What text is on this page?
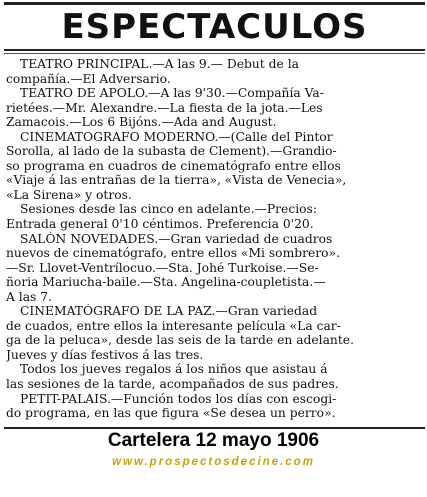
ESPECTACULOS
TEATRO PRINCIPAL.—A las 9.— Debut de la
compañía.—El Adversario.
TEATRO DE APOLO.—A las 9'30.—Compañía Va-
rietées.—Mr. Alexandre.—La fiesta de la jota.—Les
Zamacois.—Los 6 Bijóns.—Ada and August.
CINEMATOGRAFO MODERNO.—(Calle del Pintor
Sorolla, al lado de la subasta de Clement).—Grandio-
so programa en cuadros de cinematógrafo entre ellos
«Viaje á las entrañas de la tierra», «Vista de Venecia»,
«La Sirena» y otros.
Sesiones desde las cinco en adelante.—Precios:
Entrada general 0'10 céntimos. Preferencia 0'20.
SALÓN NOVEDADES.—Gran variedad de cuadros
nuevos de cinematógrafo, entre ellos «Mi sombrero».
—Sr. Llovet-Ventrílocuo.—Sta. Johé Turkoise.—Se-
ñoria Mariucha-baile.—Sta. Angelina-coupletista.—
A las 7.
CINEMATÓGRAFO DE LA PAZ.—Gran variedad
de cuados, entre ellos la interesante película «La car-
ga de la peluca», desde las seis de la tarde en adelante.
Jueves y días festivos á las tres.
Todos los jueves regalos á los niños que asistau á
las sesiones de la tarde, acompañados de sus padres.
PETIT-PALAIS.—Función todos los días con escogi-
do programa, en las que figura «Se desea un perro».
Cartelera 12 mayo 1906
www.prospectosdecine.com
